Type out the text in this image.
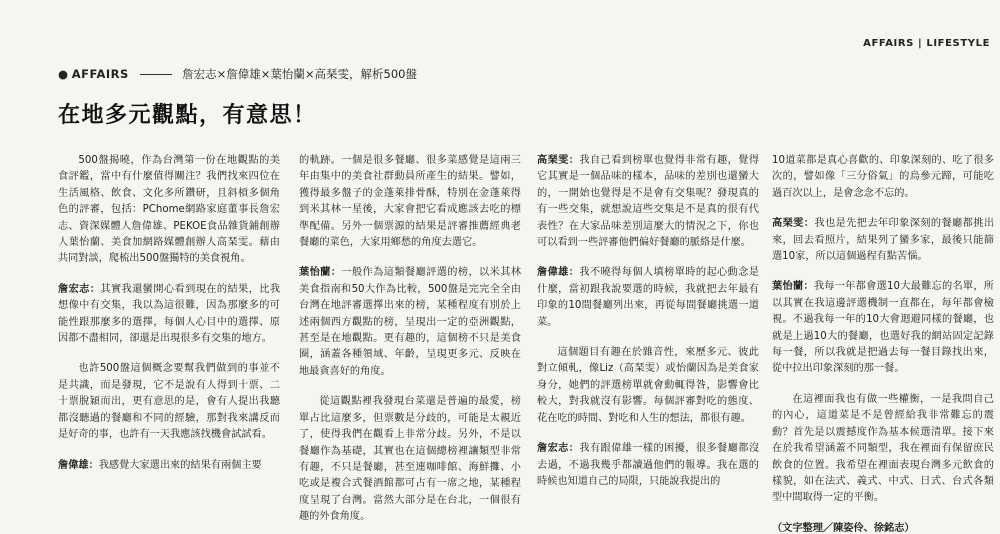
AFFAIRS | LIFESTYLE
● AFFAIRS	詹宏志×詹偉雄×葉怡蘭×高琹雯，解析500盤
在地多元觀點，有意思！

500盤揭曉，作為台灣第一份在地觀點的美食評鑑，當中有什麼值得關注？我們找來四位在生活風格、飲食、文化多所鑽研，且斜槓多個角色的評審，包括：PChome網路家庭董事長詹宏志、資深媒體人詹偉雄、PEKOE食品雜貨鋪創辦人葉怡蘭、美食加網路媒體創辦人高琹雯。藉由共同對談，爬梳出500盤獨特的美食視角。

詹宏志：其實我還蠻開心看到現在的結果，比我想像中有交集，我以為這很難，因為那麼多的可能性跟那麼多的選擇，每個人心目中的選擇、原因都不盡相同，卻還是出現很多有交集的地方。

也許500盤這個概念要幫我們做到的事並不是共識，而是發現，它不是說有人得到十票、二十票脫穎而出，更有意思的是，會有人提出我聽都沒聽過的餐廳和不同的經驗，那對我來講反而是好奇的事，也許有一天我應該找機會試試看。

詹偉雄：我感覺大家選出來的結果有兩個主要

的軌跡。一個是很多餐廳、很多菜感覺是這兩三年由集中的美食社群動員所產生的結果。譬如，獲得最多盤子的金蓬萊排骨酥，特別在金蓬萊得到米其林一星後，大家會把它看成應該去吃的標準配備。另外一個票源的結果是評審推薦經典老餐廳的菜色，大家用鄉愁的角度去選它。

葉怡蘭：一般作為這類餐廳評選的榜，以米其林美食指南和50大作為比較，500盤是完完全全由台灣在地評審選擇出來的榜，某種程度有別於上述兩個西方觀點的榜，呈現出一定的亞洲觀點，甚至是在地觀點。更有趣的，這個榜不只是美食圈，涵蓋各種領域、年齡，呈現更多元、反映在地最貪喜好的角度。

從這觀點裡我發現台菜還是普遍的最愛，榜單占比這麼多，但票數是分歧的，可能是太親近了，使得我們在觀看上非常分歧。另外，不是以餐廳作為基礎，其實也在這個總榜裡讓類型非常有趣，不只是餐廳，甚至連咖啡館、海鮮攤、小吃或是複合式餐酒館都可占有一席之地，某種程度呈現了台灣。當然大部分是在台北，一個很有趣的外食角度。

高琹雯：我自己看到榜單也覺得非常有趣，覺得它其實是一個品味的樣本，品味的差別也還蠻大的，一開始也覺得是不是會有交集呢？發現真的有一些交集，就想說這些交集是不是真的很有代表性？在大家品味差別這麼大的情況之下，你也可以看到一些評審他們偏好餐廳的脈絡是什麼。

詹偉雄：我不曉得每個人填榜單時的起心動念是什麼，當初跟我說要選的時候，我就把去年最有印象的10間餐廳列出來，再從每間餐廳挑選一道菜。

這個題目有趣在於雜音性，來歷多元、彼此對立傾軋，像Liz（高琹雯）或怡蘭因為是美食家身分，她們的評選榜單就會動輒得咎，影響會比較大，對我就沒有影響。每個評審對吃的態度、花在吃的時間、對吃和人生的想法，都很有趣。

詹宏志：我有跟偉雄一樣的困擾，很多餐廳都沒去過，不過我幾乎都讀過他們的報導。我在選的時候也知道自己的局限，只能說我提出的

10道菜都是真心喜歡的、印象深刻的、吃了很多次的，譬如像「三分俗氣」的烏參元蹄，可能吃過百次以上，是會念念不忘的。

高琹雯：我也是先把去年印象深刻的餐廳都挑出來，回去看照片，結果列了蠻多家，最後只能篩選10家，所以這個過程有點苦惱。

葉怡蘭：我每一年都會選10大最難忘的名單，所以其實在我這邊評選機制一直都在，每年都會檢視。不過我每一年的10大會迴避同樣的餐廳，也就是上過10大的餐廳，也選好我的網站固定記錄每一餐，所以我就是把過去每一餐目錄找出來，從中拉出印象深刻的那一餐。

在這裡面我也有做一些權衡，一是我問自己的內心，這道菜是不是曾經給我非常難忘的震動？首先是以震撼度作為基本候選清單。接下來在於我希望涵蓋不同類型，我在裡面有保留庶民飲食的位置。我希望在裡面表現台灣多元飲食的樣貌，如在法式、義式、中式、日式、台式各類型中間取得一定的平衡。

（文字整理／陳姿伶、徐銘志）
